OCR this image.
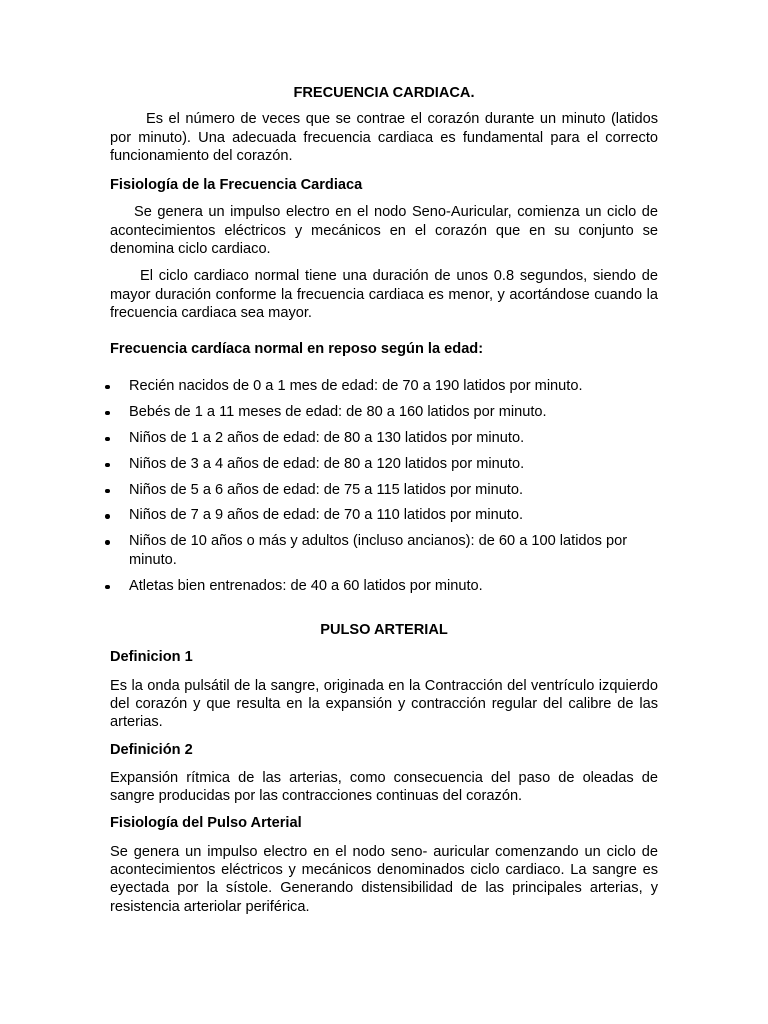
FRECUENCIA CARDIACA.

Es el número de veces que se contrae el corazón durante un minuto (latidos por minuto). Una adecuada frecuencia cardiaca es fundamental para el correcto funcionamiento del corazón.

Fisiología de la Frecuencia Cardiaca

Se genera un impulso electro en el nodo Seno-Auricular, comienza un ciclo de acontecimientos eléctricos y mecánicos en el corazón que en su conjunto se denomina ciclo cardiaco.

El ciclo cardiaco normal tiene una duración de unos 0.8 segundos, siendo de mayor duración conforme la frecuencia cardiaca es menor, y acortándose cuando la frecuencia cardiaca sea mayor.

Frecuencia cardíaca normal en reposo según la edad:

Recién nacidos de 0 a 1 mes de edad: de 70 a 190 latidos por minuto.
Bebés de 1 a 11 meses de edad: de 80 a 160 latidos por minuto.
Niños de 1 a 2 años de edad: de 80 a 130 latidos por minuto.
Niños de 3 a 4 años de edad: de 80 a 120 latidos por minuto.
Niños de 5 a 6 años de edad: de 75 a 115 latidos por minuto.
Niños de 7 a 9 años de edad: de 70 a 110 latidos por minuto.
Niños de 10 años o más y adultos (incluso ancianos): de 60 a 100 latidos por minuto.
Atletas bien entrenados: de 40 a 60 latidos por minuto.

PULSO ARTERIAL

Definicion 1

Es la onda pulsátil de la sangre, originada en la Contracción del ventrículo izquierdo del corazón y que resulta en la expansión y contracción regular del calibre de las arterias.

Definición 2

Expansión rítmica de las arterias, como consecuencia del paso de oleadas de sangre producidas por las contracciones continuas del corazón.

Fisiología del Pulso Arterial

Se genera un impulso electro en el nodo seno- auricular comenzando un ciclo de acontecimientos eléctricos y mecánicos denominados ciclo cardiaco. La sangre es eyectada por la sístole. Generando distensibilidad de las principales arterias, y resistencia arteriolar periférica.
